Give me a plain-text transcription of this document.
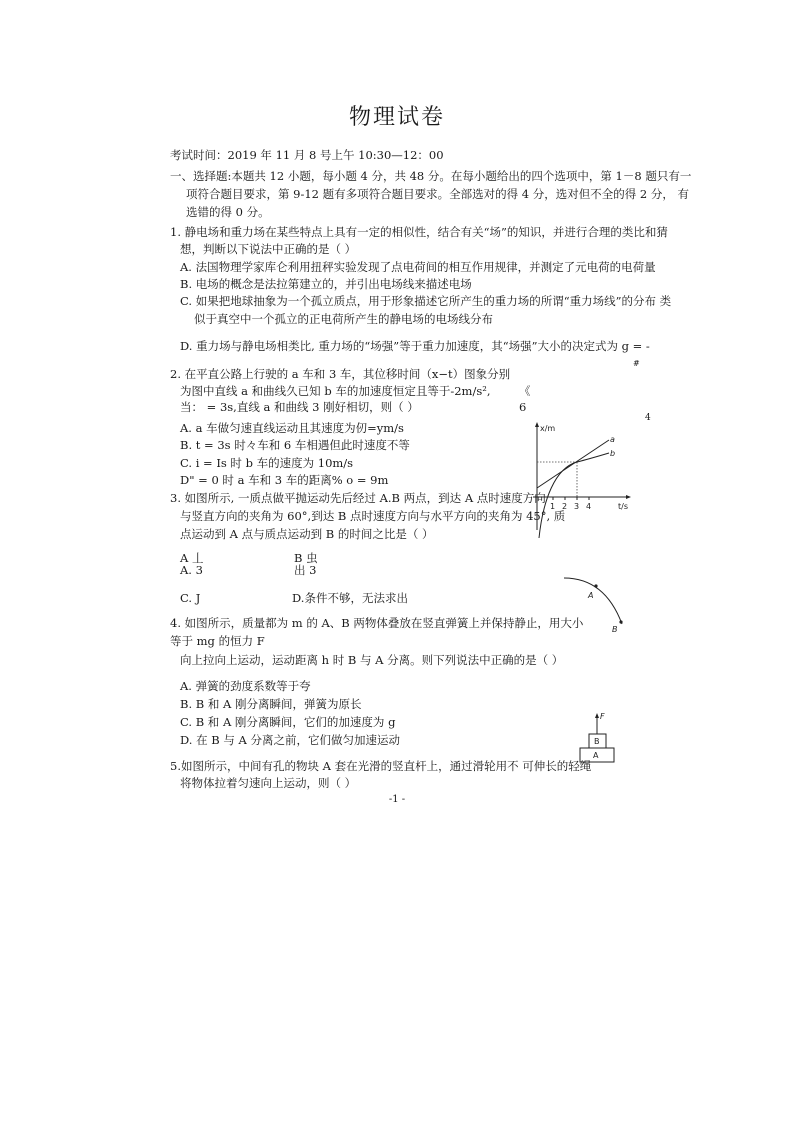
物理试卷
考试时间：2019 年 11 月 8 号上午 10:30—12：00
一、选择题:本题共 12 小题，每小题 4 分，共 48 分。在每小题给出的四个选项中，第 1－8 题只有一
项符合题目要求，第 9-12 题有多项符合题目要求。全部选对的得 4 分，选对但不全的得 2 分， 有
选错的得 0 分。
1. 静电场和重力场在某些特点上具有一定的相似性，结合有关“场”的知识，并进行合理的类比和猜
想，判断以下说法中正确的是（ ）
A. 法国物理学家库仑利用扭秤实验发现了点电荷间的相互作用规律，并测定了元电荷的电荷量
B. 电场的概念是法拉第建立的，并引出电场线来描述电场
C. 如果把地球抽象为一个孤立质点，用于形象描述它所产生的重力场的所谓“重力场线”的分布 类
似于真空中一个孤立的正电荷所产生的静电场的电场线分布
D. 重力场与静电场相类比, 重力场的“场强”等于重力加速度，其“场强”大小的决定式为 g = -
#
2. 在平直公路上行驶的 a 车和 3 车，其位移时间（x−t）图象分别
为图中直线 a 和曲线久已知 b 车的加速度恒定且等于-2m/s²,
当： = 3s,直线 a 和曲线 3 刚好相切，则（ ）
《
6
4
A. a 车做匀速直线运动且其速度为仞=ym/s
B. t = 3s 时々车和 6 车相遇但此时速度不等
C. i = Is 时 b 车的速度为 10m/s
D" = 0 时 a 车和 3 车的距离% o = 9m
x/m
t/s
1 2 3 4
a
b
3. 如图所示, 一质点做平抛运动先后经过 A.B 两点，到达 A 点时速度方向
与竖直方向的夹角为 60°,到达 B 点时速度方向与水平方向的夹角为 45°, 质
点运动到 A 点与质点运动到 B 的时间之比是（ ）
A 丄
A. 3
B 虫
出 3
C. J	D.条件不够，无法求出	A
B
4. 如图所示，质量都为 m 的 A、B 两物体叠放在竖直弹簧上并保持静止，用大小
等于 mg 的恒力 F
向上拉向上运动，运动距离 h 时 B 与 A 分离。则下列说法中正确的是（ ）
A. 弹簧的劲度系数等于夸
B. B 和 A 刚分离瞬间，弹簧为原长
C. B 和 A 刚分离瞬间，它们的加速度为 g
D. 在 B 与 A 分离之前，它们做匀加速运动
F
B
A
5.如图所示，中间有孔的物块 A 套在光滑的竖直杆上，通过滑轮用不 可伸长的轻绳
将物体拉着匀速向上运动，则（ ）
-1 -
